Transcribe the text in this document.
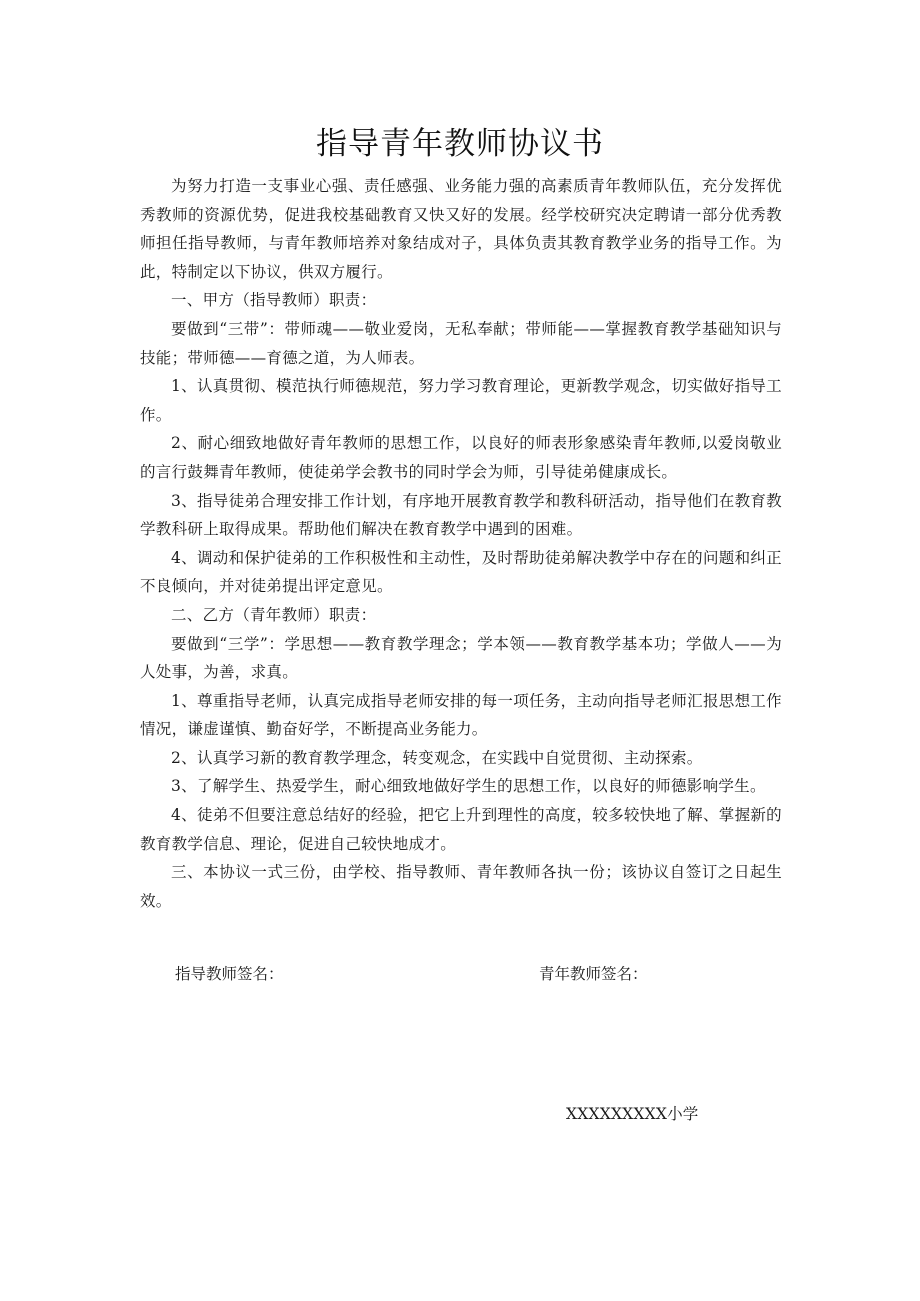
指导青年教师协议书

为努力打造一支事业心强、责任感强、业务能力强的高素质青年教师队伍，充分发挥优秀教师的资源优势，促进我校基础教育又快又好的发展。经学校研究决定聘请一部分优秀教师担任指导教师，与青年教师培养对象结成对子，具体负责其教育教学业务的指导工作。为此，特制定以下协议，供双方履行。

一、甲方（指导教师）职责：

要做到“三带”：带师魂——敬业爱岗，无私奉献；带师能——掌握教育教学基础知识与技能；带师德——育德之道，为人师表。

1、认真贯彻、模范执行师德规范，努力学习教育理论，更新教学观念，切实做好指导工作。

2、耐心细致地做好青年教师的思想工作，以良好的师表形象感染青年教师,以爱岗敬业的言行鼓舞青年教师，使徒弟学会教书的同时学会为师，引导徒弟健康成长。

3、指导徒弟合理安排工作计划，有序地开展教育教学和教科研活动，指导他们在教育教学教科研上取得成果。帮助他们解决在教育教学中遇到的困难。

4、调动和保护徒弟的工作积极性和主动性，及时帮助徒弟解决教学中存在的问题和纠正不良倾向，并对徒弟提出评定意见。

二、乙方（青年教师）职责：

要做到“三学”：学思想——教育教学理念；学本领——教育教学基本功；学做人——为人处事，为善，求真。

1、尊重指导老师，认真完成指导老师安排的每一项任务，主动向指导老师汇报思想工作情况，谦虚谨慎、勤奋好学，不断提高业务能力。

2、认真学习新的教育教学理念，转变观念，在实践中自觉贯彻、主动探索。

3、了解学生、热爱学生，耐心细致地做好学生的思想工作，以良好的师德影响学生。

4、徒弟不但要注意总结好的经验，把它上升到理性的高度，较多较快地了解、掌握新的教育教学信息、理论，促进自己较快地成才。

三、本协议一式三份，由学校、指导教师、青年教师各执一份；该协议自签订之日起生效。

指导教师签名：	青年教师签名：
XXXXXXXXX小学
